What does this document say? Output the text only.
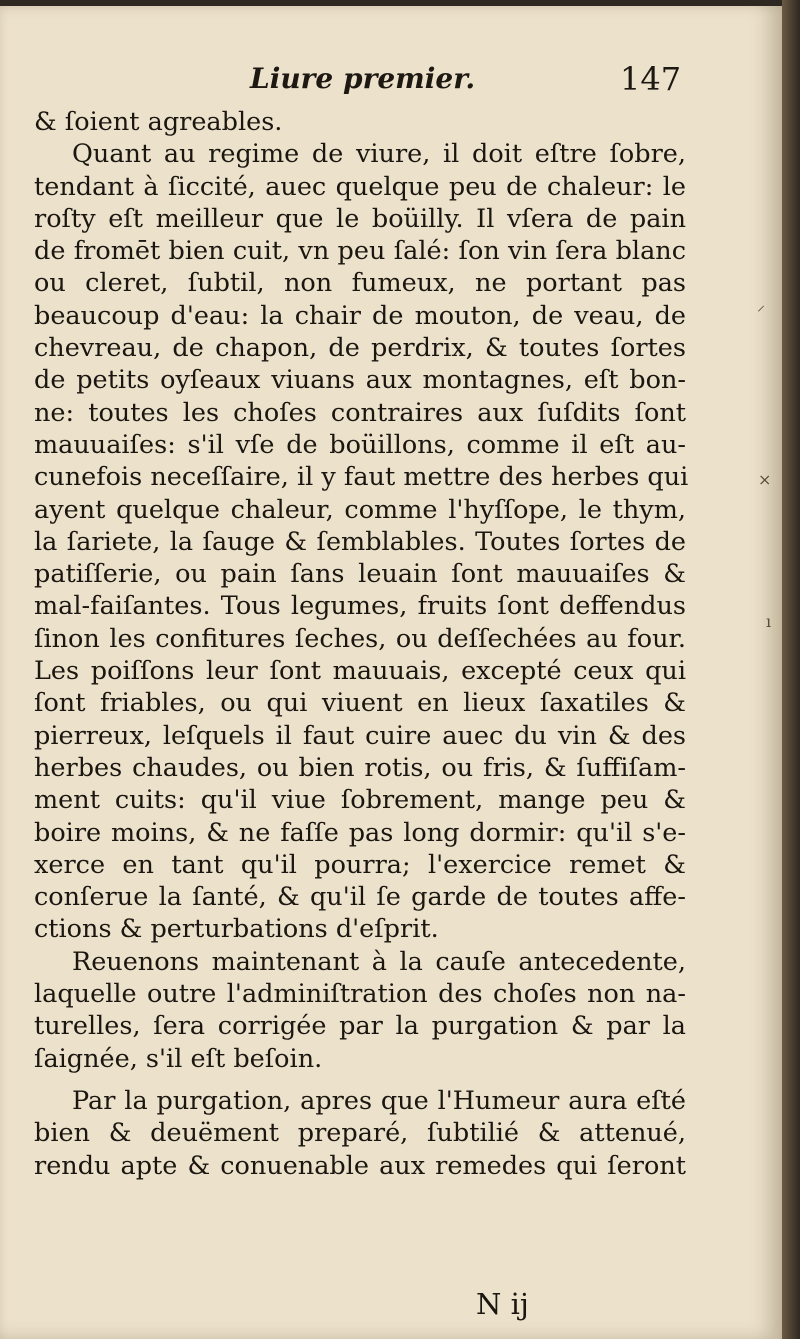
Liure premier.	147
& ſoient agreables.
Quant au regime de viure, il doit eſtre ſobre,
tendant à ſiccité, auec quelque peu de chaleur: le
roſty eſt meilleur que le boüilly. Il vſera de pain
de fromēt bien cuit, vn peu ſalé: ſon vin ſera blanc
ou cleret, ſubtil, non fumeux, ne portant pas
beaucoup d'eau: la chair de mouton, de veau, de
chevreau, de chapon, de perdrix, & toutes ſortes
de petits oyſeaux viuans aux montagnes, eſt bon-
ne: toutes les choſes contraires aux ſuſdits ſont
mauuaiſes: s'il vſe de boüillons, comme il eſt au-
cunefois neceſſaire, il y faut mettre des herbes qui
ayent quelque chaleur, comme l'hyſſope, le thym,
la ſariete, la ſauge & ſemblables. Toutes ſortes de
patiſſerie, ou pain ſans leuain ſont mauuaiſes &
mal-faiſantes. Tous legumes, fruits ſont deffendus
ſinon les confitures ſeches, ou deſſechées au four.
Les poiſſons leur ſont mauuais, excepté ceux qui
ſont friables, ou qui viuent en lieux ſaxatiles &
pierreux, leſquels il faut cuire auec du vin & des
herbes chaudes, ou bien rotis, ou fris, & ſuffiſam-
ment cuits: qu'il viue ſobrement, mange peu &
boire moins, & ne faſſe pas long dormir: qu'il s'e-
xerce en tant qu'il pourra; l'exercice remet &
conſerue la ſanté, & qu'il ſe garde de toutes affe-
ctions & perturbations d'eſprit.
Reuenons maintenant à la cauſe antecedente,
laquelle outre l'adminiſtration des choſes non na-
turelles, ſera corrigée par la purgation & par la
ſaignée, s'il eſt beſoin.
Par la purgation, apres que l'Humeur aura eſté
bien & deuëment preparé, ſubtilié & attenué,
rendu apte & conuenable aux remedes qui ſeront
N ij
⸍
×
ı
